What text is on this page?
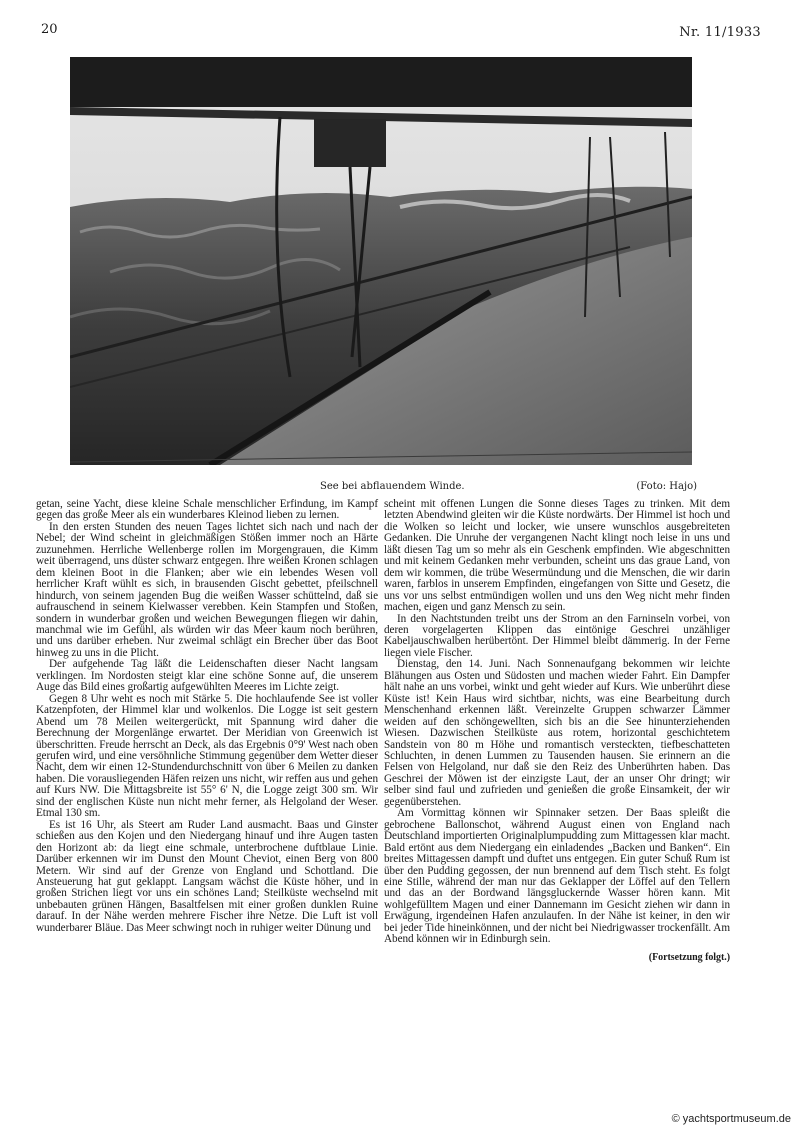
20	Nr. 11/1933
See bei abflauendem Winde.	(Foto: Hajo)

getan, seine Yacht, diese kleine Schale menschlicher Erfindung, im Kampf gegen das große Meer als ein wunderbares Kleinod lieben zu lernen.

In den ersten Stunden des neuen Tages lichtet sich nach und nach der Nebel; der Wind scheint in gleichmäßigen Stößen immer noch an Härte zuzunehmen. Herrliche Wellenberge rollen im Morgengrauen, die Kimm weit überragend, uns düster schwarz entgegen. Ihre weißen Kronen schlagen dem kleinen Boot in die Flanken; aber wie ein lebendes Wesen voll herrlicher Kraft wühlt es sich, in brausenden Gischt gebettet, pfeilschnell hindurch, von seinem jagenden Bug die weißen Wasser schüttelnd, daß sie aufrauschend in seinem Kielwasser verebben. Kein Stampfen und Stoßen, sondern in wunderbar großen und weichen Bewegungen fliegen wir dahin, manchmal wie im Gefühl, als würden wir das Meer kaum noch berühren, und uns darüber erheben. Nur zweimal schlägt ein Brecher über das Boot hinweg zu uns in die Plicht.

Der aufgehende Tag läßt die Leidenschaften dieser Nacht langsam verklingen. Im Nordosten steigt klar eine schöne Sonne auf, die unserem Auge das Bild eines großartig aufgewühlten Meeres im Lichte zeigt.

Gegen 8 Uhr weht es noch mit Stärke 5. Die hochlaufende See ist voller Katzenpfoten, der Himmel klar und wolkenlos. Die Logge ist seit gestern Abend um 78 Meilen weitergerückt, mit Spannung wird daher die Berechnung der Morgenlänge erwartet. Der Meridian von Greenwich ist überschritten. Freude herrscht an Deck, als das Ergebnis 0°9' West nach oben gerufen wird, und eine versöhnliche Stimmung gegenüber dem Wetter dieser Nacht, dem wir einen 12-Stundendurchschnitt von über 6 Meilen zu danken haben. Die vorausliegenden Häfen reizen uns nicht, wir reffen aus und gehen auf Kurs NW. Die Mittagsbreite ist 55° 6' N, die Logge zeigt 300 sm. Wir sind der englischen Küste nun nicht mehr ferner, als Helgoland der Weser. Etmal 130 sm.

Es ist 16 Uhr, als Steert am Ruder Land ausmacht. Baas und Ginster schießen aus den Kojen und den Niedergang hinauf und ihre Augen tasten den Horizont ab: da liegt eine schmale, unterbrochene duftblaue Linie. Darüber erkennen wir im Dunst den Mount Cheviot, einen Berg von 800 Metern. Wir sind auf der Grenze von England und Schottland. Die Ansteuerung hat gut geklappt. Langsam wächst die Küste höher, und in großen Strichen liegt vor uns ein schönes Land; Steilküste wechselnd mit unbebauten grünen Hängen, Basaltfelsen mit einer großen dunklen Ruine darauf. In der Nähe werden mehrere Fischer ihre Netze. Die Luft ist voll wunderbarer Bläue. Das Meer schwingt noch in ruhiger weiter Dünung und

scheint mit offenen Lungen die Sonne dieses Tages zu trinken. Mit dem letzten Abendwind gleiten wir die Küste nordwärts. Der Himmel ist hoch und die Wolken so leicht und locker, wie unsere wunschlos ausgebreiteten Gedanken. Die Unruhe der vergangenen Nacht klingt noch leise in uns und läßt diesen Tag um so mehr als ein Geschenk empfinden. Wie abgeschnitten und mit keinem Gedanken mehr verbunden, scheint uns das graue Land, von dem wir kommen, die trübe Wesermündung und die Menschen, die wir darin waren, farblos in unserem Empfinden, eingefangen von Sitte und Gesetz, die uns vor uns selbst entmündigen wollen und uns den Weg nicht mehr finden machen, eigen und ganz Mensch zu sein.

In den Nachtstunden treibt uns der Strom an den Farninseln vorbei, von deren vorgelagerten Klippen das eintönige Geschrei unzähliger Kabeljauschwalben herübertönt. Der Himmel bleibt dämmerig. In der Ferne liegen viele Fischer.

Dienstag, den 14. Juni. Nach Sonnenaufgang bekommen wir leichte Blähungen aus Osten und Südosten und machen wieder Fahrt. Ein Dampfer hält nahe an uns vorbei, winkt und geht wieder auf Kurs. Wie unberührt diese Küste ist! Kein Haus wird sichtbar, nichts, was eine Bearbeitung durch Menschenhand erkennen läßt. Vereinzelte Gruppen schwarzer Lämmer weiden auf den schöngewellten, sich bis an die See hinunterziehenden Wiesen. Dazwischen Steilküste aus rotem, horizontal geschichtetem Sandstein von 80 m Höhe und romantisch versteckten, tiefbeschatteten Schluchten, in denen Lummen zu Tausenden hausen. Sie erinnern an die Felsen von Helgoland, nur daß sie den Reiz des Unberührten haben. Das Geschrei der Möwen ist der einzigste Laut, der an unser Ohr dringt; wir selber sind faul und zufrieden und genießen die große Einsamkeit, der wir gegenüberstehen.

Am Vormittag können wir Spinnaker setzen. Der Baas spleißt die gebrochene Ballonschot, während August einen von England nach Deutschland importierten Originalplumpudding zum Mittagessen klar macht. Bald ertönt aus dem Niedergang ein einladendes „Backen und Banken“. Ein breites Mittagessen dampft und duftet uns entgegen. Ein guter Schuß Rum ist über den Pudding gegossen, der nun brennend auf dem Tisch steht. Es folgt eine Stille, während der man nur das Geklapper der Löffel auf den Tellern und das an der Bordwand längsgluckernde Wasser hören kann. Mit wohlgefülltem Magen und einer Dannemann im Gesicht ziehen wir dann in Erwägung, irgendeinen Hafen anzulaufen. In der Nähe ist keiner, in den wir bei jeder Tide hineinkönnen, und der nicht bei Niedrigwasser trockenfällt. Am Abend können wir in Edinburgh sein.

(Fortsetzung folgt.)
© yachtsportmuseum.de
